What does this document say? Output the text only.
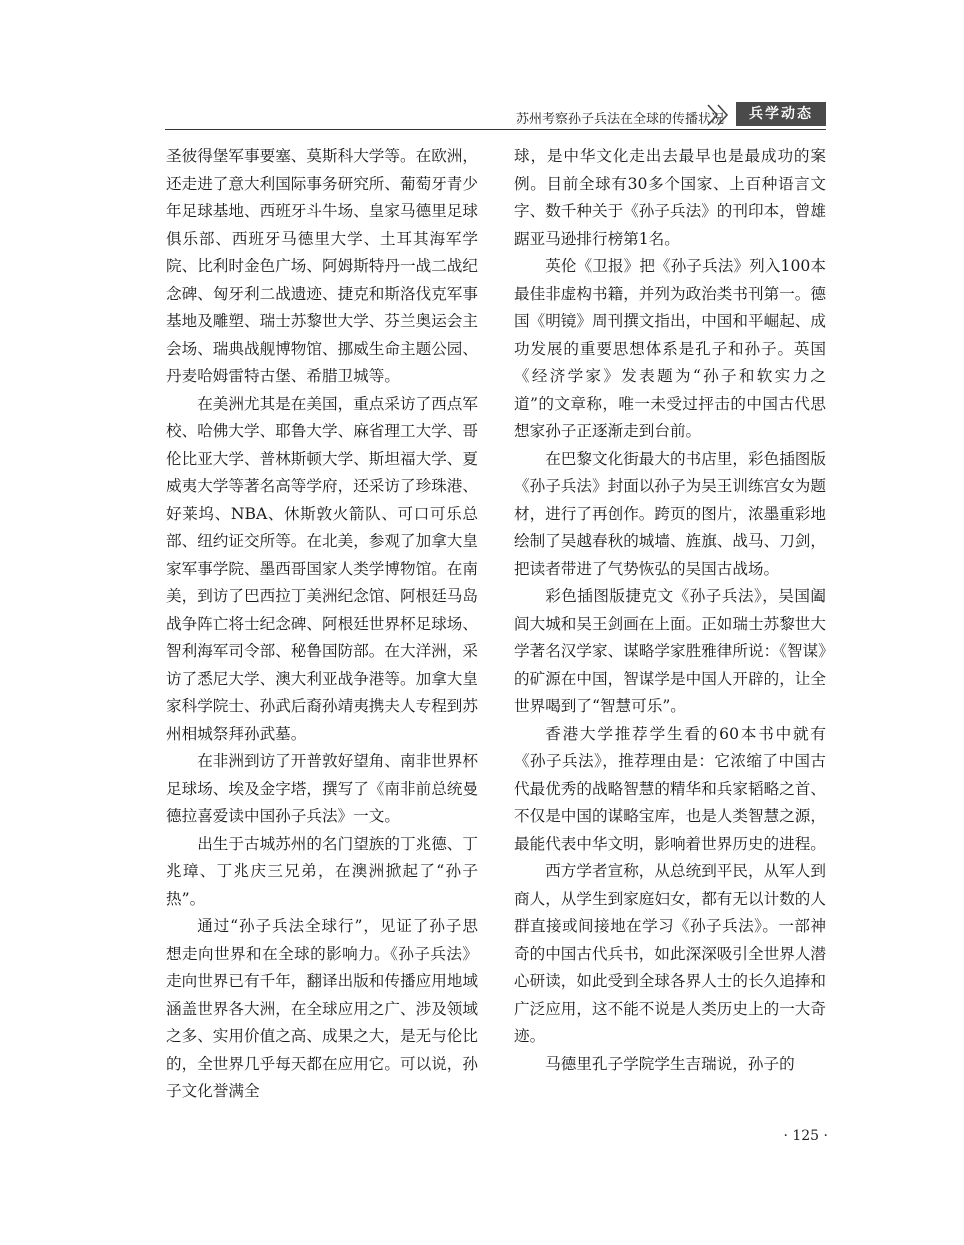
苏州考察孙子兵法在全球的传播状况	兵学动态

圣彼得堡军事要塞、莫斯科大学等。在欧洲，还走进了意大利国际事务研究所、葡萄牙青少年足球基地、西班牙斗牛场、皇家马德里足球俱乐部、西班牙马德里大学、土耳其海军学院、比利时金色广场、阿姆斯特丹一战二战纪念碑、匈牙利二战遗迹、捷克和斯洛伐克军事基地及雕塑、瑞士苏黎世大学、芬兰奥运会主会场、瑞典战舰博物馆、挪威生命主题公园、丹麦哈姆雷特古堡、希腊卫城等。

在美洲尤其是在美国，重点采访了西点军校、哈佛大学、耶鲁大学、麻省理工大学、哥伦比亚大学、普林斯顿大学、斯坦福大学、夏威夷大学等著名高等学府，还采访了珍珠港、好莱坞、NBA、休斯敦火箭队、可口可乐总部、纽约证交所等。在北美，参观了加拿大皇家军事学院、墨西哥国家人类学博物馆。在南美，到访了巴西拉丁美洲纪念馆、阿根廷马岛战争阵亡将士纪念碑、阿根廷世界杯足球场、智利海军司令部、秘鲁国防部。在大洋洲，采访了悉尼大学、澳大利亚战争港等。加拿大皇家科学院士、孙武后裔孙靖夷携夫人专程到苏州相城祭拜孙武墓。

在非洲到访了开普敦好望角、南非世界杯足球场、埃及金字塔，撰写了《南非前总统曼德拉喜爱读中国孙子兵法》一文。

出生于古城苏州的名门望族的丁兆德、丁兆璋、丁兆庆三兄弟，在澳洲掀起了“孙子热”。

通过“孙子兵法全球行”，见证了孙子思想走向世界和在全球的影响力。《孙子兵法》走向世界已有千年，翻译出版和传播应用地域涵盖世界各大洲，在全球应用之广、涉及领域之多、实用价值之高、成果之大，是无与伦比的，全世界几乎每天都在应用它。可以说，孙子文化誉满全

球，是中华文化走出去最早也是最成功的案例。目前全球有30多个国家、上百种语言文字、数千种关于《孙子兵法》的刊印本，曾雄踞亚马逊排行榜第1名。

英伦《卫报》把《孙子兵法》列入100本最佳非虚构书籍，并列为政治类书刊第一。德国《明镜》周刊撰文指出，中国和平崛起、成功发展的重要思想体系是孔子和孙子。英国《经济学家》发表题为“孙子和软实力之道”的文章称，唯一未受过抨击的中国古代思想家孙子正逐渐走到台前。

在巴黎文化街最大的书店里，彩色插图版《孙子兵法》封面以孙子为吴王训练宫女为题材，进行了再创作。跨页的图片，浓墨重彩地绘制了吴越春秋的城墙、旌旗、战马、刀剑，把读者带进了气势恢弘的吴国古战场。

彩色插图版捷克文《孙子兵法》，吴国阖闾大城和吴王剑画在上面。正如瑞士苏黎世大学著名汉学家、谋略学家胜雅律所说：《智谋》的矿源在中国，智谋学是中国人开辟的，让全世界喝到了“智慧可乐”。

香港大学推荐学生看的60本书中就有《孙子兵法》，推荐理由是：它浓缩了中国古代最优秀的战略智慧的精华和兵家韬略之首、不仅是中国的谋略宝库，也是人类智慧之源，最能代表中华文明，影响着世界历史的进程。

西方学者宣称，从总统到平民，从军人到商人，从学生到家庭妇女，都有无以计数的人群直接或间接地在学习《孙子兵法》。一部神奇的中国古代兵书，如此深深吸引全世界人潜心研读，如此受到全球各界人士的长久追捧和广泛应用，这不能不说是人类历史上的一大奇迹。

马德里孔子学院学生吉瑞说，孙子的

· 125 ·
